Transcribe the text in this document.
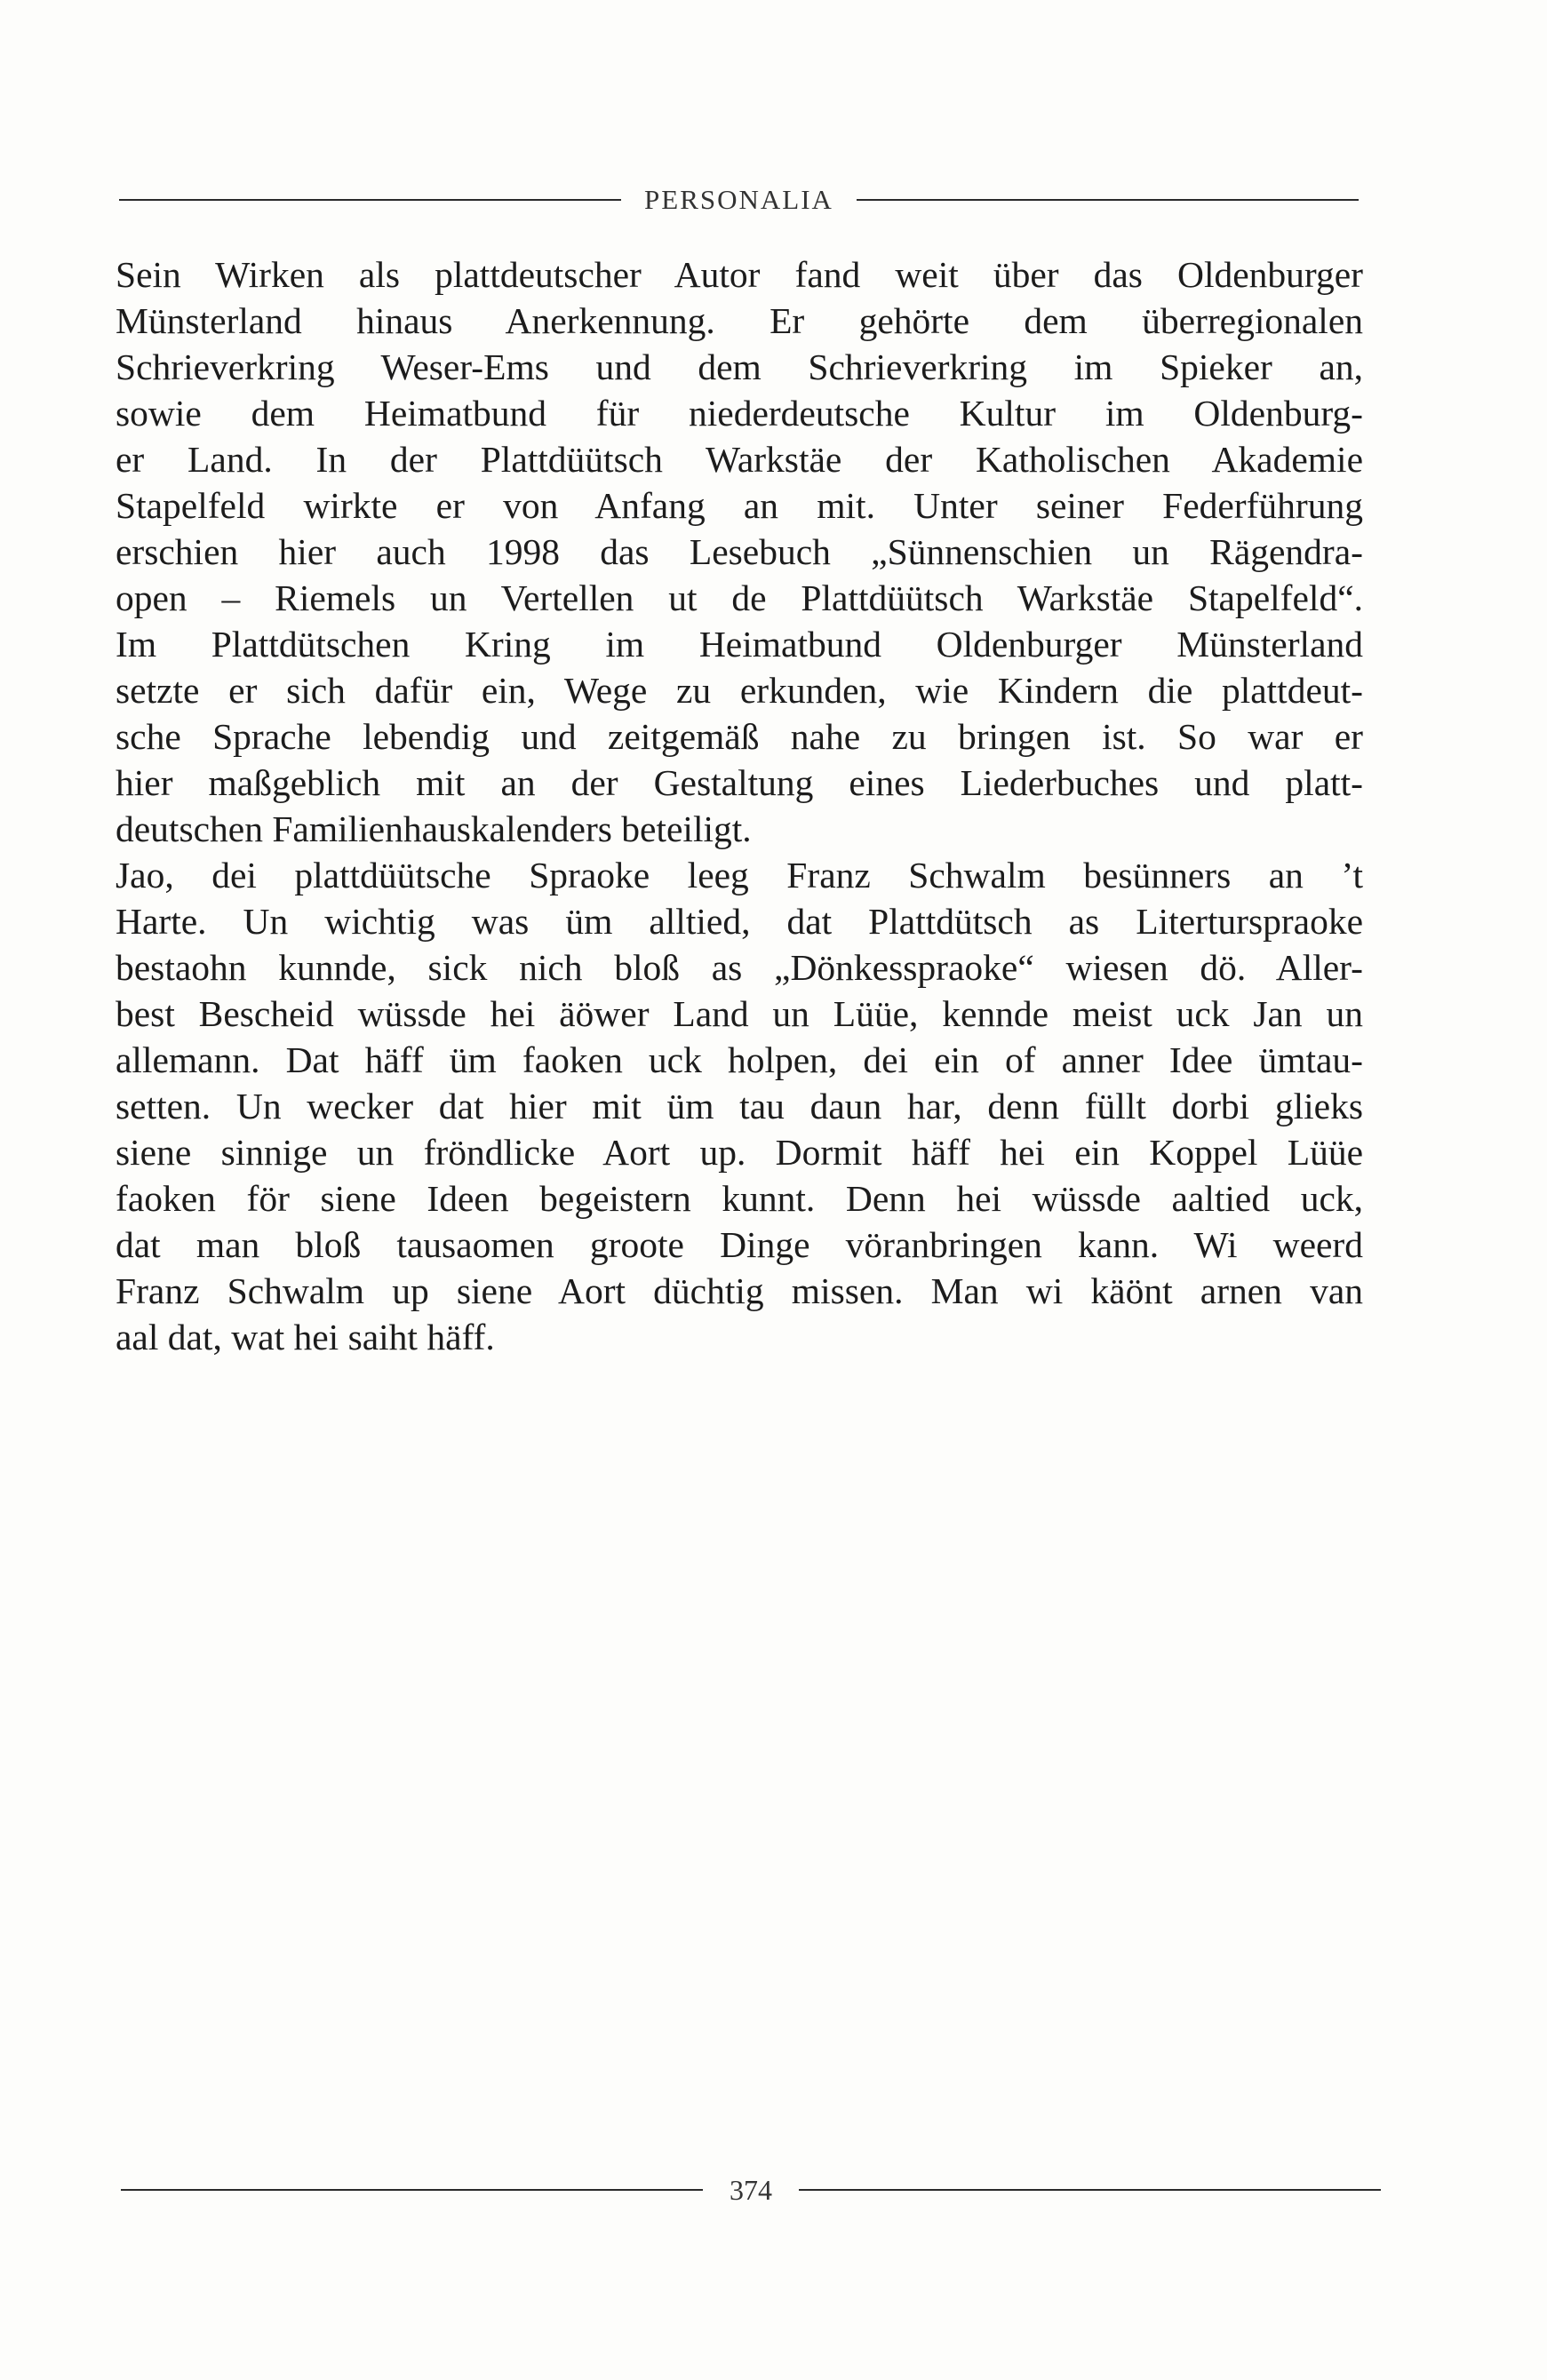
PERSONALIA
Sein Wirken als plattdeutscher Autor fand weit über das Oldenburger
Münsterland hinaus Anerkennung. Er gehörte dem überregionalen
Schrieverkring Weser-Ems und dem Schrieverkring im Spieker an,
sowie dem Heimatbund für niederdeutsche Kultur im Oldenburg-
er Land. In der Plattdüütsch Warkstäe der Katholischen Akademie
Stapelfeld wirkte er von Anfang an mit. Unter seiner Federführung
erschien hier auch 1998 das Lesebuch „Sünnenschien un Rägendra-
open – Riemels un Vertellen ut de Plattdüütsch Warkstäe Stapelfeld“.
Im Plattdütschen Kring im Heimatbund Oldenburger Münsterland
setzte er sich dafür ein, Wege zu erkunden, wie Kindern die plattdeut-
sche Sprache lebendig und zeitgemäß nahe zu bringen ist. So war er
hier maßgeblich mit an der Gestaltung eines Liederbuches und platt-
deutschen Familienhauskalenders beteiligt.
Jao, dei plattdüütsche Spraoke leeg Franz Schwalm besünners an ’t
Harte. Un wichtig was üm alltied, dat Plattdütsch as Literturspraoke
bestaohn kunnde, sick nich bloß as „Dönkesspraoke“ wiesen dö. Aller-
best Bescheid wüssde hei äöwer Land un Lüüe, kennde meist uck Jan un
allemann. Dat häff üm faoken uck holpen, dei ein of anner Idee ümtau-
setten. Un wecker dat hier mit üm tau daun har, denn füllt dorbi glieks
siene sinnige un fröndlicke Aort up. Dormit häff hei ein Koppel Lüüe
faoken för siene Ideen begeistern kunnt. Denn hei wüssde aaltied uck,
dat man bloß tausaomen groote Dinge vöranbringen kann. Wi weerd
Franz Schwalm up siene Aort düchtig missen. Man wi käönt arnen van
aal dat, wat hei saiht häff.
374
